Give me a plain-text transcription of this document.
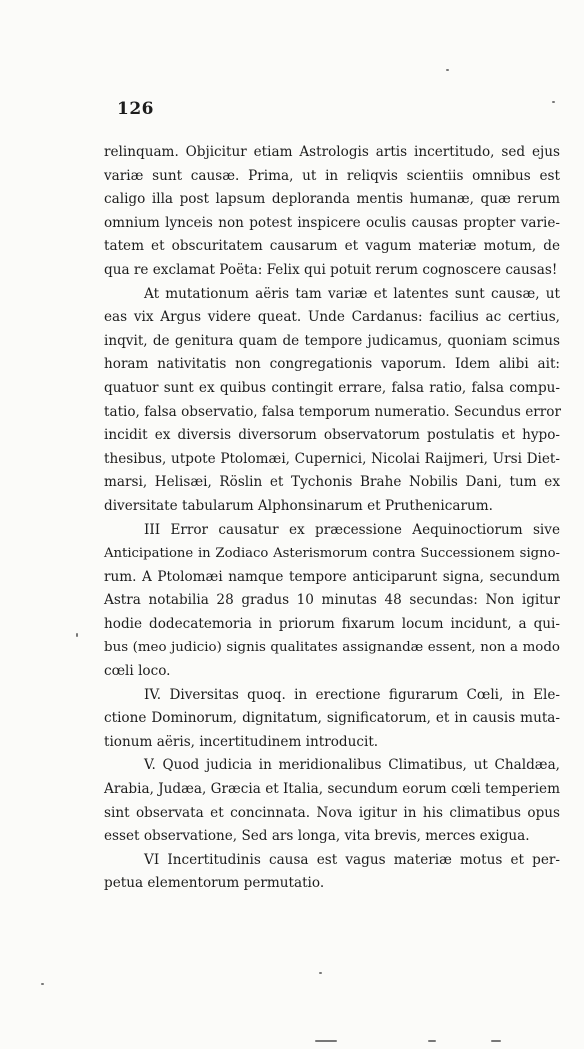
126
relinquam. Objicitur etiam Astrologis artis incertitudo, sed ejus
variæ sunt causæ. Prima, ut in reliqvis scientiis omnibus est
caligo illa post lapsum deploranda mentis humanæ, quæ rerum
omnium lynceis non potest inspicere oculis causas propter varie-
tatem et obscuritatem causarum et vagum materiæ motum, de
qua re exclamat Poëta: Felix qui potuit rerum cognoscere causas!
At mutationum aëris tam variæ et latentes sunt causæ, ut
eas vix Argus videre queat. Unde Cardanus: facilius ac certius,
inqvit, de genitura quam de tempore judicamus, quoniam scimus
horam nativitatis non congregationis vaporum. Idem alibi ait:
quatuor sunt ex quibus contingit errare, falsa ratio, falsa compu-
tatio, falsa observatio, falsa temporum numeratio. Secundus error
incidit ex diversis diversorum observatorum postulatis et hypo-
thesibus, utpote Ptolomæi, Cupernici, Nicolai Raijmeri, Ursi Diet-
marsi, Helisæi, Röslin et Tychonis Brahe Nobilis Dani, tum ex
diversitate tabularum Alphonsinarum et Pruthenicarum.
III Error causatur ex præcessione Aequinoctiorum sive
Anticipatione in Zodiaco Asterismorum contra Successionem signo-
rum. A Ptolomæi namque tempore anticiparunt signa, secundum
Astra notabilia 28 gradus 10 minutas 48 secundas: Non igitur
hodie dodecatemoria in priorum fixarum locum incidunt, a qui-
bus (meo judicio) signis qualitates assignandæ essent, non a modo
cœli loco.
IV. Diversitas quoq. in erectione figurarum Cœli, in Ele-
ctione Dominorum, dignitatum, significatorum, et in causis muta-
tionum aëris, incertitudinem introducit.
V. Quod judicia in meridionalibus Climatibus, ut Chaldæa,
Arabia, Judæa, Græcia et Italia, secundum eorum cœli temperiem
sint observata et concinnata. Nova igitur in his climatibus opus
esset observatione, Sed ars longa, vita brevis, merces exigua.
VI Incertitudinis causa est vagus materiæ motus et per-
petua elementorum permutatio.
